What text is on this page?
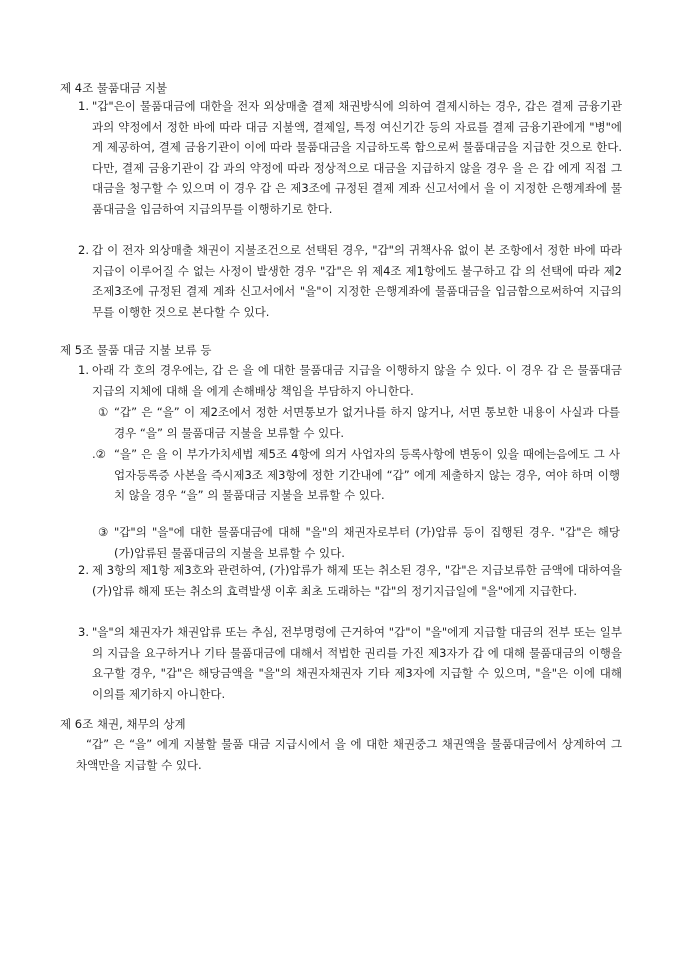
제 4조 물품대금 지불
1. "갑"은이 물품대금에 대한을 전자 외상매출 결제 채권방식에 의하여 결제시하는 경우, 갑은 결제 금융기관과의 약정에서 정한 바에 따라 대금 지불액, 결제일, 특정 여신기간 등의 자료를 결제 금융기관에게 "병"에게 제공하여, 결제 금융기관이 이에 따라 물품대금을 지급하도록 함으로써 물품대금을 지급한 것으로 한다. 다만, 결제 금융기관이 갑 과의 약정에 따라 정상적으로 대금을 지급하지 않을 경우 을 은 갑 에게 직접 그 대금을 청구할 수 있으며 이 경우 갑 은 제3조에 규정된 결제 계좌 신고서에서 을 이 지정한 은행계좌에 물품대금을 입금하여 지급의무를 이행하기로 한다.
2. 갑 이 전자 외상매출 채권이 지불조건으로 선택된 경우, "갑"의 귀책사유 없이 본 조항에서 정한 바에 따라 지급이 이루어질 수 없는 사정이 발생한 경우 "갑"은 위 제4조 제1항에도 불구하고 갑 의 선택에 따라 제2조제3조에 규정된 결제 계좌 신고서에서 "을"이 지정한 은행계좌에 물품대금을 입금함으로써하여 지급의무를 이행한 것으로 본다할 수 있다.
제 5조 물품 대금 지불 보류 등
1. 아래 각 호의 경우에는, 갑 은 을 에 대한 물품대금 지급을 이행하지 않을 수 있다. 이 경우 갑 은 물품대금 지급의 지체에 대해 을 에게 손해배상 책임을 부담하지 아니한다.
① “갑” 은 “을” 이 제2조에서 정한 서면통보가 없거나를 하지 않거나, 서면 통보한 내용이 사실과 다를 경우 “을” 의 물품대금 지불을 보류할 수 있다.
.② “을” 은 을 이 부가가치세법 제5조 4항에 의거 사업자의 등록사항에 변동이 있을 때에는음에도 그 사업자등록증 사본을 즉시제3조 제3항에 정한 기간내에 “갑” 에게 제출하지 않는 경우, 여야 하며 이행치 않을 경우 “을” 의 물품대금 지불을 보류할 수 있다.
③ "갑"의 "을"에 대한 물품대금에 대해 "을"의 채권자로부터 (가)압류 등이 집행된 경우. "갑"은 해당 (가)압류된 물품대금의 지불을 보류할 수 있다.
2. 제 3항의 제1항 제3호와 관련하여, (가)압류가 해제 또는 취소된 경우, "갑"은 지급보류한 금액에 대하여을 (가)압류 해제 또는 취소의 효력발생 이후 최초 도래하는 "갑"의 정기지급일에 "을"에게 지급한다.
3. "을"의 채권자가 채권압류 또는 추심, 전부명령에 근거하여 "갑"이 "을"에게 지급할 대금의 전부 또는 일부의 지급을 요구하거나 기타 물품대금에 대해서 적법한 권리를 가진 제3자가 갑 에 대해 물품대금의 이행을 요구할 경우, "갑"은 해당금액을 "을"의 채권자채권자 기타 제3자에 지급할 수 있으며, "을"은 이에 대해 이의를 제기하지 아니한다.
제 6조 채권, 채무의 상계
“갑” 은 “을” 에게 지불할 물품 대금 지급시에서 을 에 대한 채권중그 채권액을 물품대금에서 상계하여 그 차액만을 지급할 수 있다.
